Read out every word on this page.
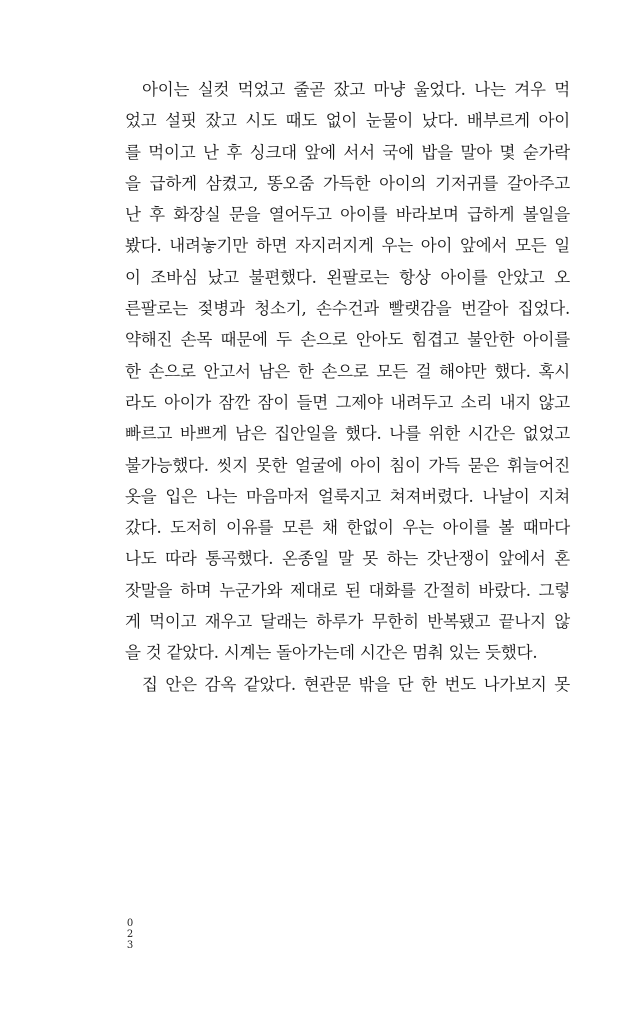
아이는 실컷 먹었고 줄곧 잤고 마냥 울었다. 나는 겨우 먹
었고 설핏 잤고 시도 때도 없이 눈물이 났다. 배부르게 아이
를 먹이고 난 후 싱크대 앞에 서서 국에 밥을 말아 몇 숟가락
을 급하게 삼켰고, 똥오줌 가득한 아이의 기저귀를 갈아주고
난 후 화장실 문을 열어두고 아이를 바라보며 급하게 볼일을
봤다. 내려놓기만 하면 자지러지게 우는 아이 앞에서 모든 일
이 조바심 났고 불편했다. 왼팔로는 항상 아이를 안았고 오
른팔로는 젖병과 청소기, 손수건과 빨랫감을 번갈아 집었다.
약해진 손목 때문에 두 손으로 안아도 힘겹고 불안한 아이를
한 손으로 안고서 남은 한 손으로 모든 걸 해야만 했다. 혹시
라도 아이가 잠깐 잠이 들면 그제야 내려두고 소리 내지 않고
빠르고 바쁘게 남은 집안일을 했다. 나를 위한 시간은 없었고
불가능했다. 씻지 못한 얼굴에 아이 침이 가득 묻은 휘늘어진
옷을 입은 나는 마음마저 얼룩지고 쳐져버렸다. 나날이 지쳐
갔다. 도저히 이유를 모른 채 한없이 우는 아이를 볼 때마다
나도 따라 통곡했다. 온종일 말 못 하는 갓난쟁이 앞에서 혼
잣말을 하며 누군가와 제대로 된 대화를 간절히 바랐다. 그렇
게 먹이고 재우고 달래는 하루가 무한히 반복됐고 끝나지 않
을 것 같았다. 시계는 돌아가는데 시간은 멈춰 있는 듯했다.
집 안은 감옥 같았다. 현관문 밖을 단 한 번도 나가보지 못
0
2
3
